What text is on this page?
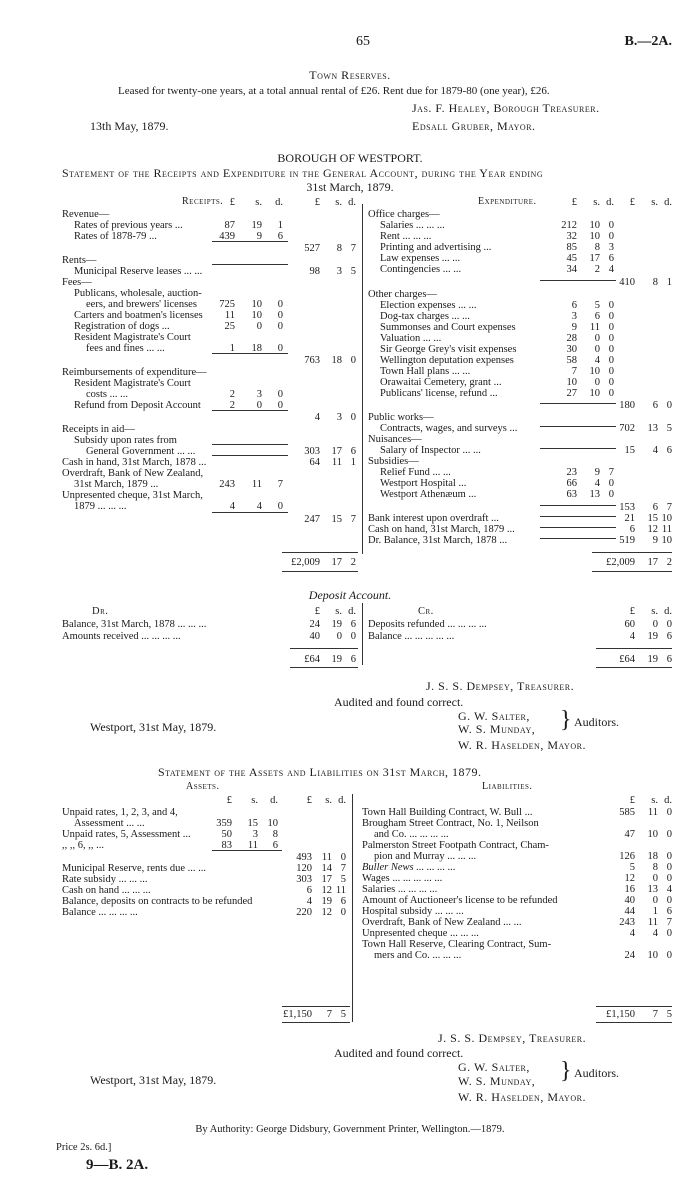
65	B.—2A.
Town Reserves.
Leased for twenty-one years, at a total annual rental of £26. Rent due for 1879-80 (one year), £26.
Jas. F. Healey, Borough Treasurer.
13th May, 1879.	Edsall Gruber, Mayor.
BOROUGH OF WESTPORT.
Statement of the Receipts and Expenditure in the General Account, during the Year ending
31st March, 1879.
Receipts.	Expenditure.
£	s.	d.	£	s. d.	£	s. d.	£	s. d.
Revenue—
Rates of previous years ...	87	19	1
Rates of 1878-79 ...	439	9	6
527	8 7
Rents—
Municipal Reserve leases ... ...	98	3 5
Fees—
Publicans, wholesale, auction-
eers, and brewers' licenses	725	10	0
Carters and boatmen's licenses	11	10	0
Registration of dogs ...	25	0	0
Resident Magistrate's Court
fees and fines ... ...	1	18	0
763	18 0
Reimbursements of expenditure—
Resident Magistrate's Court
costs ... ...	2	3	0
Refund from Deposit Account	2	0	0
4	3 0
Receipts in aid—
Subsidy upon rates from
General Government ... ...	303	17 6
Cash in hand, 31st March, 1878 ...	64	11 1
Overdraft, Bank of New Zealand,
31st March, 1879 ...	243	11	7
Unpresented cheque, 31st March,
1879 ... ... ...	4	4	0
247	15 7
£2,009	17 2
Office charges—
Salaries ... ... ...	212	10 0
Rent ... ... ...	32	10 0
Printing and advertising ...	85	8 3
Law expenses ... ...	45	17 6
Contingencies ... ...	34	2 4
410	8 1
Other charges—
Election expenses ... ...	6	5 0
Dog-tax charges ... ...	3	6 0
Summonses and Court expenses	9	11 0
Valuation ... ...	28	0 0
Sir George Grey's visit expenses	30	0 0
Wellington deputation expenses	58	4 0
Town Hall plans ... ...	7	10 0
Orawaitai Cemetery, grant ...	10	0 0
Publicans' license, refund ...	27	10 0
180	6 0
Public works—
Contracts, wages, and surveys ...	702	13 5
Nuisances—
Salary of Inspector ... ...	15	4 6
Subsidies—
Relief Fund ... ...	23	9 7
Westport Hospital ...	66	4 0
Westport Athenæum ...	63	13 0
153	6 7
Bank interest upon overdraft ...	21	15 10
Cash on hand, 31st March, 1879 ...	6	12 11
Dr. Balance, 31st March, 1878 ...	519	9 10
£2,009	17 2
Deposit Account.
Dr.	Cr.
£	£
s.	s.
d.	d.
Balance, 31st March, 1878 ... ... ...	24	19 6
Amounts received ... ... ... ...	40	0 0
Deposits refunded ... ... ... ...	60	0 0
Balance ... ... ... ... ...	4	19 6
£64	19 6	£64	19 6
J. S. S. Dempsey, Treasurer.
Audited and found correct.
G. W. Salter,
W. S. Munday, } Auditors.
Westport, 31st May, 1879.
W. R. Haselden, Mayor.
Statement of the Assets and Liabilities on 31st March, 1879.
Assets.	Liabilities.
£	£	£
s.	s.	s.
d.	d.	d.
Unpaid rates, 1, 2, 3, and 4,
Assessment ... ...	359	15 10
Unpaid rates, 5, Assessment ...	50	3	8
,, ,, 6, ,, ...	83	11	6
493 11 0
Municipal Reserve, rents due ... ...	120 14 7
Rate subsidy ... ... ...	303 17 5
Cash on hand ... ... ...	6 12 11
Balance, deposits on contracts to be refunded	4 19 6
Balance ... ... ... ...	220 12 0
£1,150	7 5
Town Hall Building Contract, W. Bull ...	585	11 0
Brougham Street Contract, No. 1, Neilson
and Co. ... ... ... ...	47	10 0
Palmerston Street Footpath Contract, Cham-
pion and Murray ... ... ...	126	18 0
Buller News ... ... ... ...	5	8 0
Wages ... ... ... ... ...	12	0 0
Salaries ... ... ... ...	16	13 4
Amount of Auctioneer's license to be refunded	40	0 0
Hospital subsidy ... ... ...	44	1 6
Overdraft, Bank of New Zealand ... ...	243	11 7
Unpresented cheque ... ... ...	4	4 0
Town Hall Reserve, Clearing Contract, Sum-
mers and Co. ... ... ...	24	10 0
£1,150	7 5
J. S. S. Dempsey, Treasurer.
Audited and found correct.
G. W. Salter,
W. S. Munday, } Auditors.
Westport, 31st May, 1879.
W. R. Haselden, Mayor.
By Authority: George Didsbury, Government Printer, Wellington.—1879.
Price 2s. 6d.]
9—B. 2A.
